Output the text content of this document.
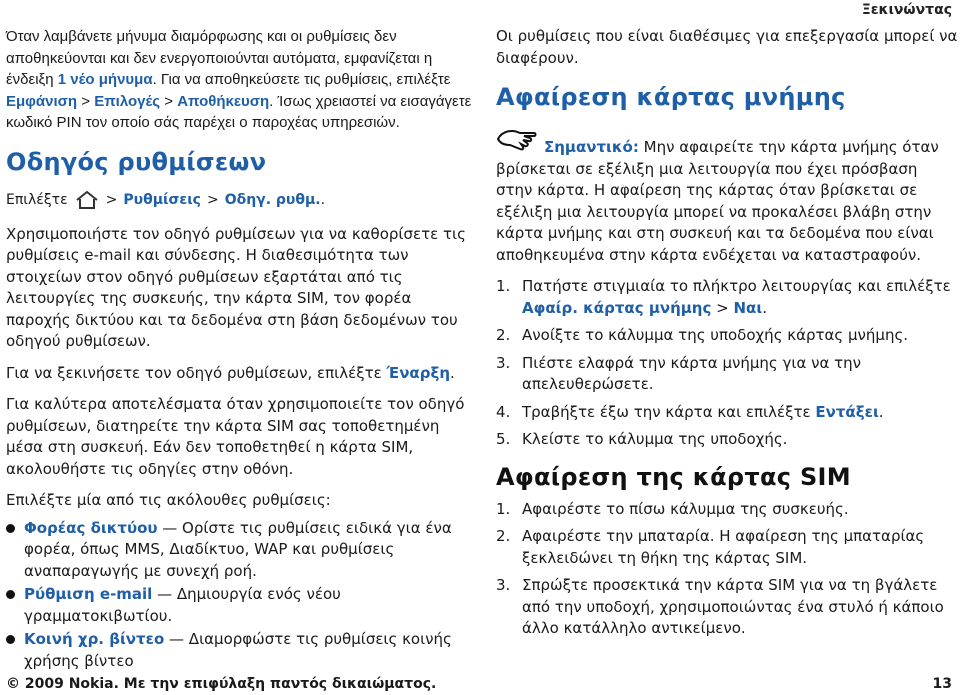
Ξεκινώντας

Όταν λαμβάνετε μήνυμα διαμόρφωσης και οι ρυθμίσεις δεν αποθηκεύονται και δεν ενεργοποιούνται αυτόματα, εμφανίζεται η ένδειξη 1 νέο μήνυμα. Για να αποθηκεύσετε τις ρυθμίσεις, επιλέξτε Εμφάνιση > Επιλογές > Αποθήκευση. Ίσως χρειαστεί να εισαγάγετε κωδικό PIN τον οποίο σάς παρέχει ο παροχέας υπηρεσιών.

Οδηγός ρυθμίσεων
Επιλέξτε	> Ρυθμίσεις > Οδηγ. ρυθμ. .

Χρησιμοποιήστε τον οδηγό ρυθμίσεων για να καθορίσετε τις ρυθμίσεις e-mail και σύνδεσης. Η διαθεσιμότητα των στοιχείων στον οδηγό ρυθμίσεων εξαρτάται από τις λειτουργίες της συσκευής, την κάρτα SIM, τον φορέα παροχής δικτύου και τα δεδομένα στη βάση δεδομένων του οδηγού ρυθμίσεων.

Για να ξεκινήσετε τον οδηγό ρυθμίσεων, επιλέξτε Έναρξη.

Για καλύτερα αποτελέσματα όταν χρησιμοποιείτε τον οδηγό ρυθμίσεων, διατηρείτε την κάρτα SIM σας τοποθετημένη μέσα στη συσκευή. Εάν δεν τοποθετηθεί η κάρτα SIM, ακολουθήστε τις οδηγίες στην οθόνη.

Επιλέξτε μία από τις ακόλουθες ρυθμίσεις:

Φορέας δικτύου — Ορίστε τις ρυθμίσεις ειδικά για ένα φορέα, όπως MMS, Διαδίκτυο, WAP και ρυθμίσεις αναπαραγωγής με συνεχή ροή.
Ρύθμιση e-mail — Δημιουργία ενός νέου γραμματοκιβωτίου.
Κοινή χρ. βίντεο — Διαμορφώστε τις ρυθμίσεις κοινής χρήσης βίντεο

Οι ρυθμίσεις που είναι διαθέσιμες για επεξεργασία μπορεί να διαφέρουν.

Αφαίρεση κάρτας μνήμης
Σημαντικό: Μην αφαιρείτε την κάρτα μνήμης όταν βρίσκεται σε εξέλιξη μια λειτουργία που έχει πρόσβαση στην κάρτα. Η αφαίρεση της κάρτας όταν βρίσκεται σε εξέλιξη μια λειτουργία μπορεί να προκαλέσει βλάβη στην κάρτα μνήμης και στη συσκευή και τα δεδομένα που είναι αποθηκευμένα στην κάρτα ενδέχεται να καταστραφούν.
1. Πατήστε στιγμιαία το πλήκτρο λειτουργίας και επιλέξτε Αφαίρ. κάρτας μνήμης > Ναι.
2. Ανοίξτε το κάλυμμα της υποδοχής κάρτας μνήμης.
3. Πιέστε ελαφρά την κάρτα μνήμης για να την απελευθερώσετε.
4. Τραβήξτε έξω την κάρτα και επιλέξτε Εντάξει.
5. Κλείστε το κάλυμμα της υποδοχής.
Αφαίρεση της κάρτας SIM
1. Αφαιρέστε το πίσω κάλυμμα της συσκευής.
2. Αφαιρέστε την μπαταρία. Η αφαίρεση της μπαταρίας ξεκλειδώνει τη θήκη της κάρτας SIM.
3. Σπρώξτε προσεκτικά την κάρτα SIM για να τη βγάλετε από την υποδοχή, χρησιμοποιώντας ένα στυλό ή κάποιο άλλο κατάλληλο αντικείμενο.
© 2009 Nokia. Με την επιφύλαξη παντός δικαιώματος.	13
